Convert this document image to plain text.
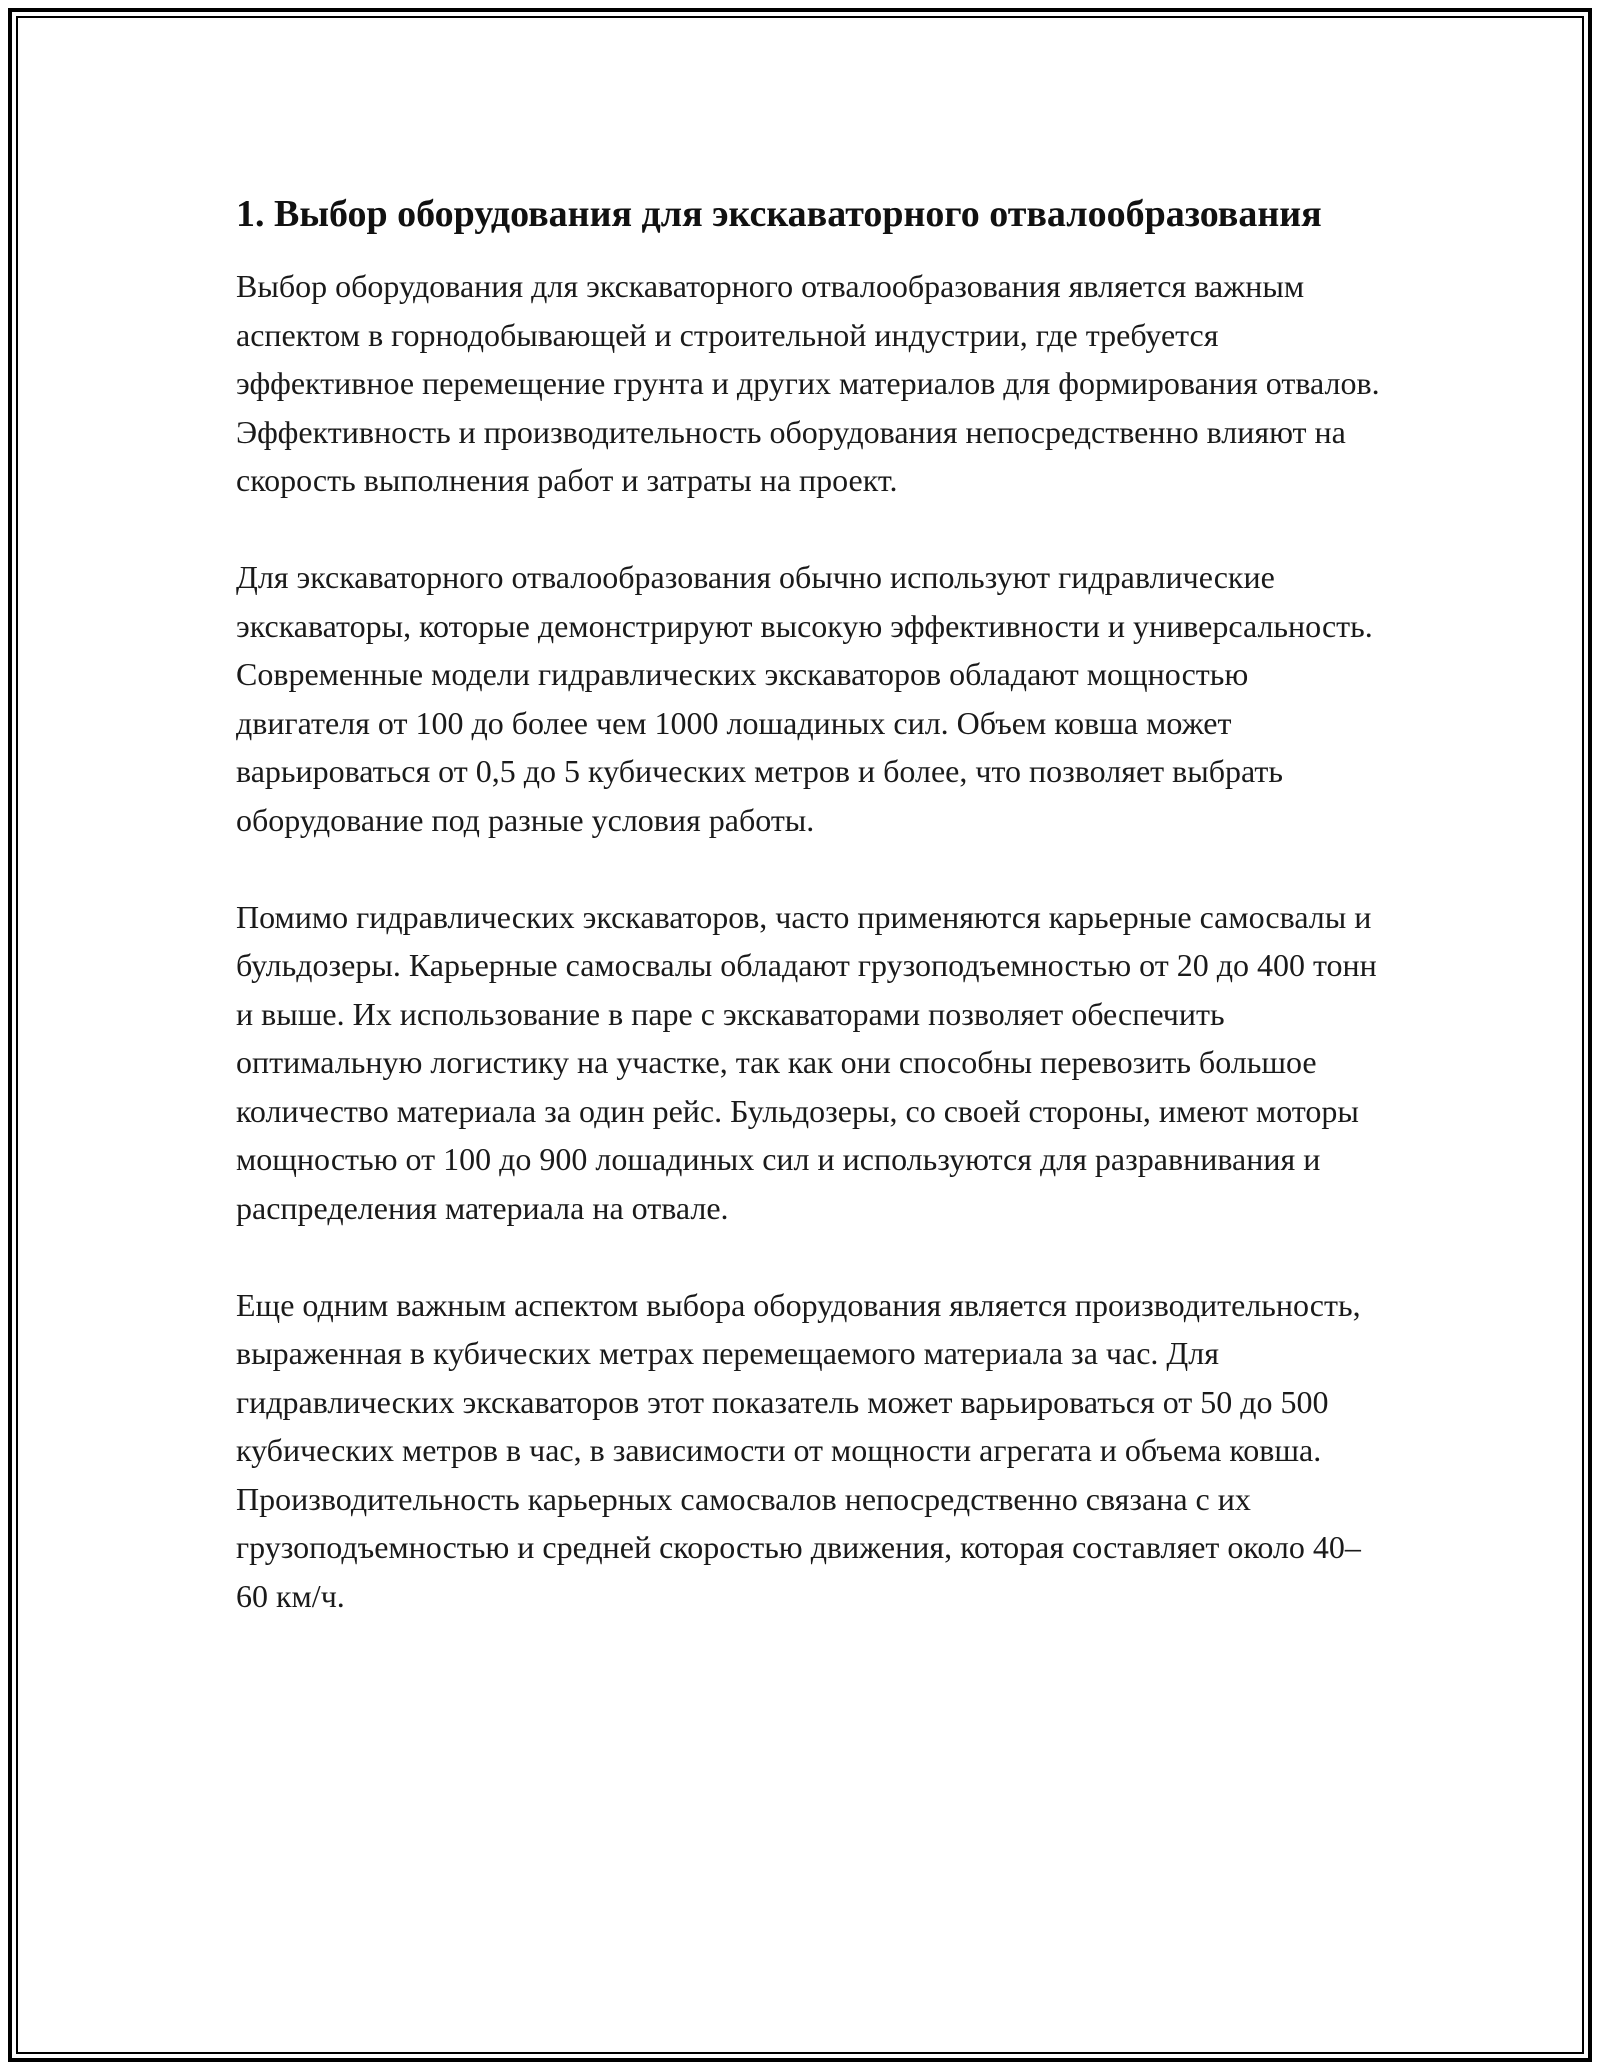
1. Выбор оборудования для экскаваторного отвалообразования

Выбор оборудования для экскаваторного отвалообразования является важным аспектом в горнодобывающей и строительной индустрии, где требуется эффективное перемещение грунта и других материалов для формирования отвалов. Эффективность и производительность оборудования непосредственно влияют на скорость выполнения работ и затраты на проект.

Для экскаваторного отвалообразования обычно используют гидравлические экскаваторы, которые демонстрируют высокую эффективности и универсальность. Современные модели гидравлических экскаваторов обладают мощностью двигателя от 100 до более чем 1000 лошадиных сил. Объем ковша может варьироваться от 0,5 до 5 кубических метров и более, что позволяет выбрать оборудование под разные условия работы.

Помимо гидравлических экскаваторов, часто применяются карьерные самосвалы и бульдозеры. Карьерные самосвалы обладают грузоподъемностью от 20 до 400 тонн и выше. Их использование в паре с экскаваторами позволяет обеспечить оптимальную логистику на участке, так как они способны перевозить большое количество материала за один рейс. Бульдозеры, со своей стороны, имеют моторы мощностью от 100 до 900 лошадиных сил и используются для разравнивания и распределения материала на отвале.

Еще одним важным аспектом выбора оборудования является производительность, выраженная в кубических метрах перемещаемого материала за час. Для гидравлических экскаваторов этот показатель может варьироваться от 50 до 500 кубических метров в час, в зависимости от мощности агрегата и объема ковша. Производительность карьерных самосвалов непосредственно связана с их грузоподъемностью и средней скоростью движения, которая составляет около 40–60 км/ч.
